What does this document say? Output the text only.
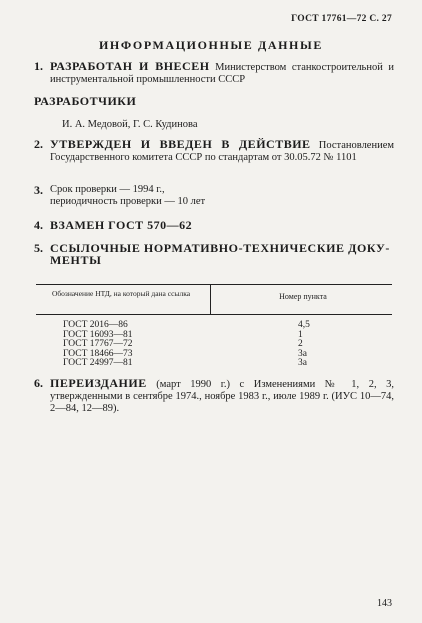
ГОСТ 17761—72 С. 27
ИНФОРМАЦИОННЫЕ ДАННЫЕ
1. РАЗРАБОТАН И ВНЕСЕН Министерством станкостроительной и инструментальной промышленности СССР
РАЗРАБОТЧИКИ
И. А. Медовой, Г. С. Кудинова
2. УТВЕРЖДЕН И ВВЕДЕН В ДЕЙСТВИЕ Постановлением Государственного комитета СССР по стандартам от 30.05.72 № 1101
3. Срок проверки — 1994 г.,
периодичность проверки — 10 лет
4. ВЗАМЕН ГОСТ 570—62
5. ССЫЛОЧНЫЕ НОРМАТИВНО-ТЕХНИЧЕСКИЕ ДОКУ-
МЕНТЫ
Обозначение НТД, на который дана ссылка	Номер пункта
ГОСТ 2016—86	4,5
ГОСТ 16093—81	1
ГОСТ 17767—72	2
ГОСТ 18466—73	3а
ГОСТ 24997—81	3а
6. ПЕРЕИЗДАНИЕ (март 1990 г.) с Изменениями № 1, 2, 3, утвержденными в сентябре 1974., ноябре 1983 г., июле 1989 г. (ИУС 10—74, 2—84, 12—89).
143
